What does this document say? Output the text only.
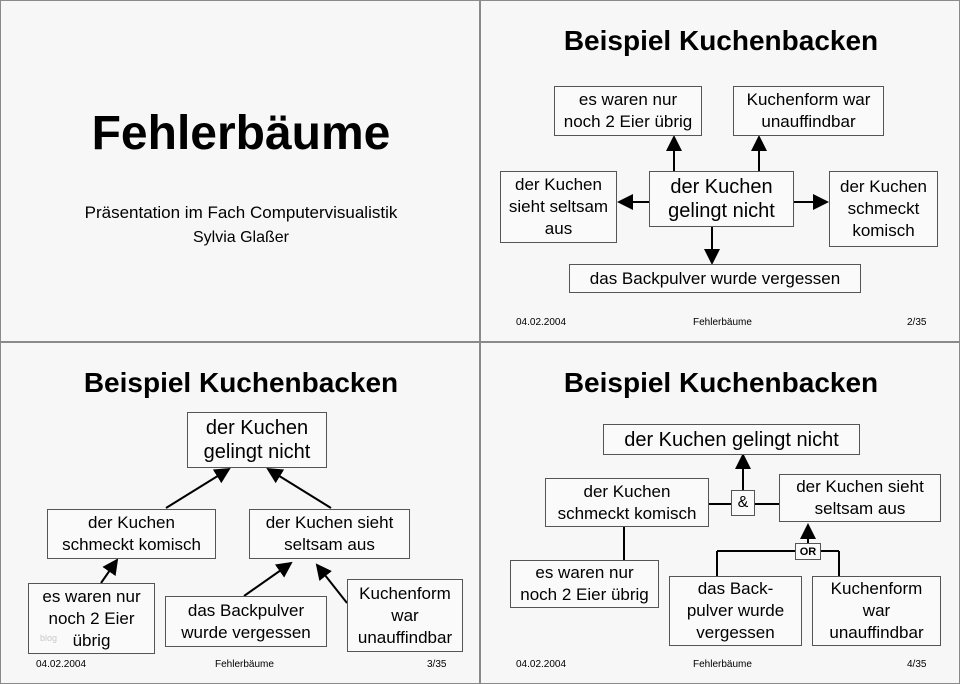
Fehlerbäume
Präsentation im Fach Computervisualistik
Sylvia Glaßer
Beispiel Kuchenbacken
es waren nur
noch 2 Eier übrig
Kuchenform war
unauffindbar
der Kuchen
sieht seltsam
aus
der Kuchen
gelingt nicht
der Kuchen
schmeckt
komisch
das Backpulver wurde vergessen
04.02.2004	Fehlerbäume	2/35
Beispiel Kuchenbacken
der Kuchen
gelingt nicht
der Kuchen
schmeckt komisch
der Kuchen sieht
seltsam aus
es waren nur
noch 2 Eier
übrig
blog
das Backpulver
wurde vergessen
Kuchenform
war
unauffindbar
04.02.2004	Fehlerbäume	3/35
Beispiel Kuchenbacken
der Kuchen gelingt nicht
der Kuchen
schmeckt komisch
&
der Kuchen sieht
seltsam aus
OR
es waren nur
noch 2 Eier übrig	das Back-
pulver wurde
vergessen
Kuchenform
war
unauffindbar
04.02.2004	Fehlerbäume	4/35
